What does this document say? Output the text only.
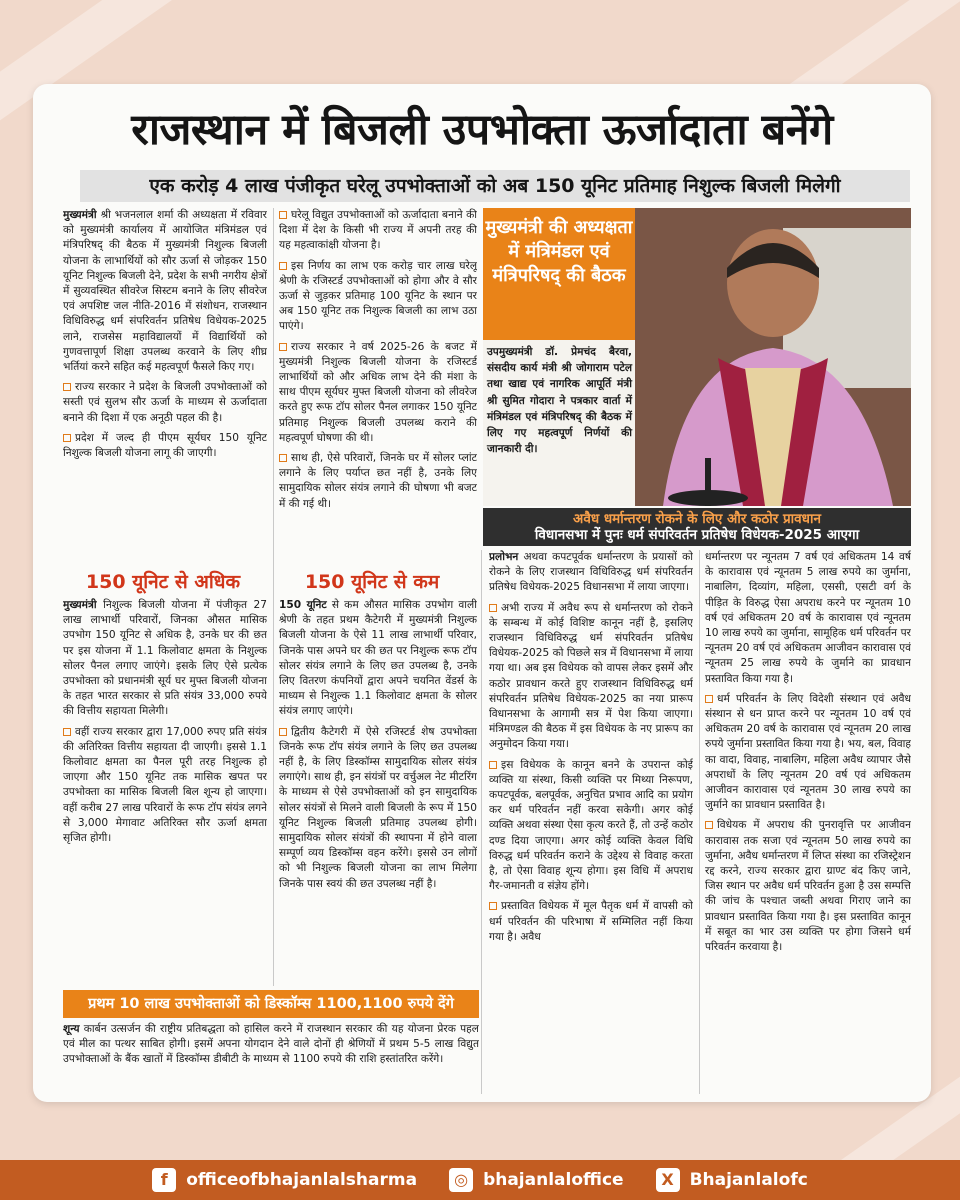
राजस्थान में बिजली उपभोक्ता ऊर्जादाता बनेंगे
एक करोड़ 4 लाख पंजीकृत घरेलू उपभोक्ताओं को अब 150 यूनिट प्रतिमाह निशुल्क बिजली मिलेगी

मुख्यमंत्री श्री भजनलाल शर्मा की अध्यक्षता में रविवार को मुख्यमंत्री कार्यालय में आयोजित मंत्रिमंडल एवं मंत्रिपरिषद् की बैठक में मुख्यमंत्री निशुल्क बिजली योजना के लाभार्थियों को सौर ऊर्जा से जोड़कर 150 यूनिट निशुल्क बिजली देने, प्रदेश के सभी नगरीय क्षेत्रों में सुव्यवस्थित सीवरेज सिस्टम बनाने के लिए सीवरेज एवं अपशिष्ट जल नीति-2016 में संशोधन, राजस्थान विधिविरुद्ध धर्म संपरिवर्तन प्रतिषेध विधेयक-2025 लाने, राजसेस महाविद्यालयों में विद्यार्थियों को गुणवत्तापूर्ण शिक्षा उपलब्ध करवाने के लिए शीघ्र भर्तियां करने सहित कई महत्वपूर्ण फैसले किए गए।

राज्य सरकार ने प्रदेश के बिजली उपभोक्ताओं को सस्ती एवं सुलभ सौर ऊर्जा के माध्यम से ऊर्जादाता बनाने की दिशा में एक अनूठी पहल की है।

प्रदेश में जल्द ही पीएम सूर्यघर 150 यूनिट निशुल्क बिजली योजना लागू की जाएगी।

घरेलू विद्युत उपभोक्ताओं को ऊर्जादाता बनाने की दिशा में देश के किसी भी राज्य में अपनी तरह की यह महत्वाकांक्षी योजना है।

इस निर्णय का लाभ एक करोड़ चार लाख घरेलू श्रेणी के रजिस्टर्ड उपभोक्ताओं को होगा और वे सौर ऊर्जा से जुड़कर प्रतिमाह 100 यूनिट के स्थान पर अब 150 यूनिट तक निशुल्क बिजली का लाभ उठा पाएंगे।

राज्य सरकार ने वर्ष 2025-26 के बजट में मुख्यमंत्री निशुल्क बिजली योजना के रजिस्टर्ड लाभार्थियों को और अधिक लाभ देने की मंशा के साथ पीएम सूर्यघर मुफ्त बिजली योजना को लीवरेज करते हुए रूफ टॉप सोलर पैनल लगाकर 150 यूनिट प्रतिमाह निशुल्क बिजली उपलब्ध कराने की महत्वपूर्ण घोषणा की थी।

साथ ही, ऐसे परिवारों, जिनके घर में सोलर प्लांट लगाने के लिए पर्याप्त छत नहीं है, उनके लिए सामुदायिक सोलर संयंत्र लगाने की घोषणा भी बजट में की गई थी।

मुख्यमंत्री की अध्यक्षता में मंत्रिमंडल एवं मंत्रिपरिषद् की बैठक
उपमुख्यमंत्री डॉ. प्रेमचंद बैरवा, संसदीय कार्य मंत्री श्री जोगाराम पटेल तथा खाद्य एवं नागरिक आपूर्ति मंत्री श्री सुमित गोदारा ने पत्रकार वार्ता में मंत्रिमंडल एवं मंत्रिपरिषद् की बैठक में लिए गए महत्वपूर्ण निर्णयों की जानकारी दी।
अवैध धर्मान्तरण रोकने के लिए और कठोर प्रावधान
विधानसभा में पुनः धर्म संपरिवर्तन प्रतिषेध विधेयक-2025 आएगा
150 यूनिट से अधिक	150 यूनिट से कम

मुख्यमंत्री निशुल्क बिजली योजना में पंजीकृत 27 लाख लाभार्थी परिवारों, जिनका औसत मासिक उपभोग 150 यूनिट से अधिक है, उनके घर की छत पर इस योजना में 1.1 किलोवाट क्षमता के निशुल्क सोलर पैनल लगाए जाएंगे। इसके लिए ऐसे प्रत्येक उपभोक्ता को प्रधानमंत्री सूर्य घर मुफ्त बिजली योजना के तहत भारत सरकार से प्रति संयंत्र 33,000 रुपये की वित्तीय सहायता मिलेगी।

वहीं राज्य सरकार द्वारा 17,000 रुपए प्रति संयंत्र की अतिरिक्त वित्तीय सहायता दी जाएगी। इससे 1.1 किलोवाट क्षमता का पैनल पूरी तरह निशुल्क हो जाएगा और 150 यूनिट तक मासिक खपत पर उपभोक्ता का मासिक बिजली बिल शून्य हो जाएगा। वहीं करीब 27 लाख परिवारों के रूफ टॉप संयंत्र लगने से 3,000 मेगावाट अतिरिक्त सौर ऊर्जा क्षमता सृजित होगी।

150 यूनिट से कम औसत मासिक उपभोग वाली श्रेणी के तहत प्रथम कैटेगरी में मुख्यमंत्री निशुल्क बिजली योजना के ऐसे 11 लाख लाभार्थी परिवार, जिनके पास अपने घर की छत पर निशुल्क रूफ टॉप सोलर संयंत्र लगाने के लिए छत उपलब्ध है, उनके लिए वितरण कंपनियों द्वारा अपने चयनित वेंडर्स के माध्यम से निशुल्क 1.1 किलोवाट क्षमता के सोलर संयंत्र लगाए जाएंगे।

द्वितीय कैटेगरी में ऐसे रजिस्टर्ड शेष उपभोक्ता जिनके रूफ टॉप संयंत्र लगाने के लिए छत उपलब्ध नहीं है, के लिए डिस्कॉम्स सामुदायिक सोलर संयंत्र लगाएंगे। साथ ही, इन संयंत्रों पर वर्चुअल नेट मीटरिंग के माध्यम से ऐसे उपभोक्ताओं को इन सामुदायिक सोलर संयंत्रों से मिलने वाली बिजली के रूप में 150 यूनिट निशुल्क बिजली प्रतिमाह उपलब्ध होगी। सामुदायिक सोलर संयंत्रों की स्थापना में होने वाला सम्पूर्ण व्यय डिस्कॉम्स वहन करेंगे। इससे उन लोगों को भी निशुल्क बिजली योजना का लाभ मिलेगा जिनके पास स्वयं की छत उपलब्ध नहीं है।

प्रथम 10 लाख उपभोक्ताओं को डिस्कॉम्स 1100,1100 रुपये देंगे

शून्य कार्बन उत्सर्जन की राष्ट्रीय प्रतिबद्धता को हासिल करने में राजस्थान सरकार की यह योजना प्रेरक पहल एवं मील का पत्थर साबित होगी। इसमें अपना योगदान देने वाले दोनों ही श्रेणियों में प्रथम 5-5 लाख विद्युत उपभोक्ताओं के बैंक खातों में डिस्कॉम्स डीबीटी के माध्यम से 1100 रुपये की राशि हस्तांतरित करेंगे।

प्रलोभन अथवा कपटपूर्वक धर्मान्तरण के प्रयासों को रोकने के लिए राजस्थान विधिविरुद्ध धर्म संपरिवर्तन प्रतिषेध विधेयक-2025 विधानसभा में लाया जाएगा।

अभी राज्य में अवैध रूप से धर्मान्तरण को रोकने के सम्बन्ध में कोई विशिष्ट कानून नहीं है, इसलिए राजस्थान विधिविरुद्ध धर्म संपरिवर्तन प्रतिषेध विधेयक-2025 को पिछले सत्र में विधानसभा में लाया गया था। अब इस विधेयक को वापस लेकर इसमें और कठोर प्रावधान करते हुए राजस्थान विधिविरुद्ध धर्म संपरिवर्तन प्रतिषेध विधेयक-2025 का नया प्रारूप विधानसभा के आगामी सत्र में पेश किया जाएगा। मंत्रिमण्डल की बैठक में इस विधेयक के नए प्रारूप का अनुमोदन किया गया।

इस विधेयक के कानून बनने के उपरान्त कोई व्यक्ति या संस्था, किसी व्यक्ति पर मिथ्या निरूपण, कपटपूर्वक, बलपूर्वक, अनुचित प्रभाव आदि का प्रयोग कर धर्म परिवर्तन नहीं करवा सकेगी। अगर कोई व्यक्ति अथवा संस्था ऐसा कृत्य करते हैं, तो उन्हें कठोर दण्ड दिया जाएगा। अगर कोई व्यक्ति केवल विधि विरुद्ध धर्म परिवर्तन कराने के उद्देश्य से विवाह करता है, तो ऐसा विवाह शून्य होगा। इस विधि में अपराध गैर-जमानती व संज्ञेय होंगे।

प्रस्तावित विधेयक में मूल पैतृक धर्म में वापसी को धर्म परिवर्तन की परिभाषा में सम्मिलित नहीं किया गया है। अवैध

धर्मान्तरण पर न्यूनतम 7 वर्ष एवं अधिकतम 14 वर्ष के कारावास एवं न्यूनतम 5 लाख रुपये का जुर्माना, नाबालिग, दिव्यांग, महिला, एससी, एसटी वर्ग के पीड़ित के विरुद्ध ऐसा अपराध करने पर न्यूनतम 10 वर्ष एवं अधिकतम 20 वर्ष के कारावास एवं न्यूनतम 10 लाख रुपये का जुर्माना, सामूहिक धर्म परिवर्तन पर न्यूनतम 20 वर्ष एवं अधिकतम आजीवन कारावास एवं न्यूनतम 25 लाख रुपये के जुर्माने का प्रावधान प्रस्तावित किया गया है।

धर्म परिवर्तन के लिए विदेशी संस्थान एवं अवैध संस्थान से धन प्राप्त करने पर न्यूनतम 10 वर्ष एवं अधिकतम 20 वर्ष के कारावास एवं न्यूनतम 20 लाख रुपये जुर्माना प्रस्तावित किया गया है। भय, बल, विवाह का वादा, विवाह, नाबालिग, महिला अवैध व्यापार जैसे अपराधों के लिए न्यूनतम 20 वर्ष एवं अधिकतम आजीवन कारावास एवं न्यूनतम 30 लाख रुपये का जुर्माने का प्रावधान प्रस्तावित है।

विधेयक में अपराध की पुनरावृत्ति पर आजीवन कारावास तक सजा एवं न्यूनतम 50 लाख रुपये का जुर्माना, अवैध धर्मान्तरण में लिप्त संस्था का रजिस्ट्रेशन रद्द करने, राज्य सरकार द्वारा ग्राण्ट बंद किए जाने, जिस स्थान पर अवैध धर्म परिवर्तन हुआ है उस सम्पत्ति की जांच के पश्चात जब्ती अथवा गिराए जाने का प्रावधान प्रस्तावित किया गया है। इस प्रस्तावित कानून में सबूत का भार उस व्यक्ति पर होगा जिसने धर्म परिवर्तन करवाया है।

f	officeofbhajanlalsharma	◎ bhajanlaloffice	X Bhajanlalofc
